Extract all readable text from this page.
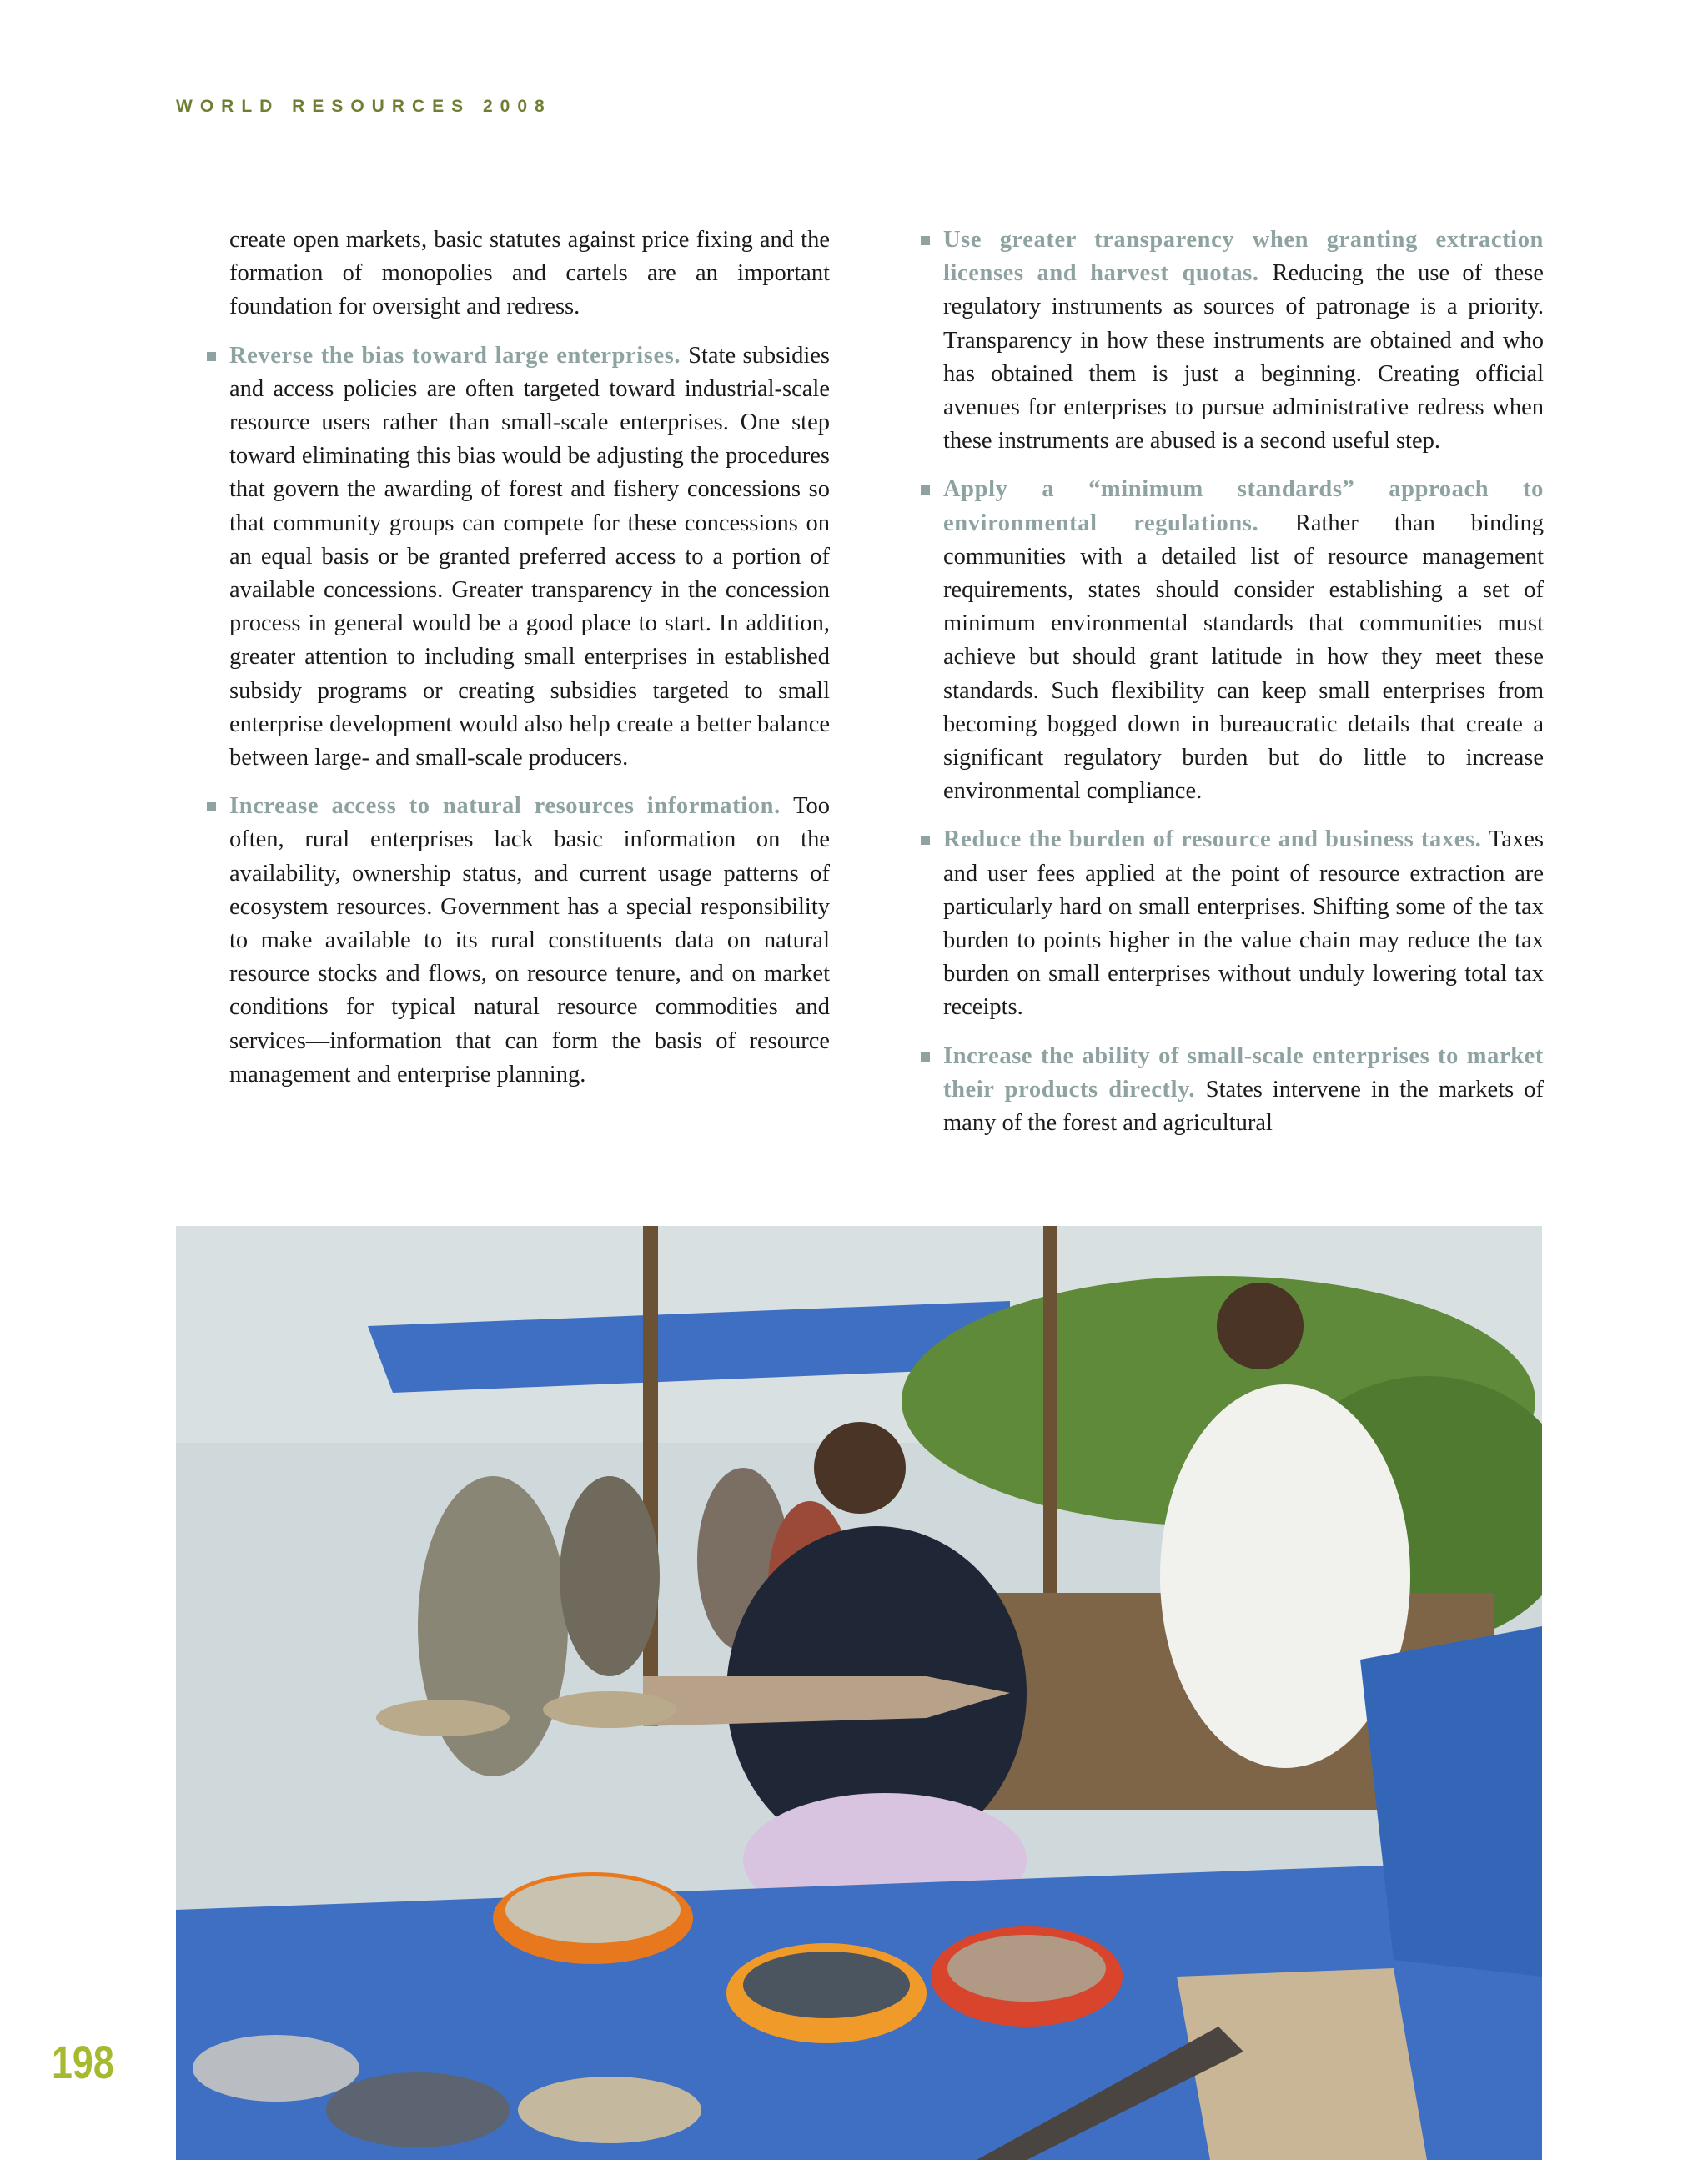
WORLD RESOURCES 2008

create open markets, basic statutes against price fixing and the formation of monopolies and cartels are an important foundation for oversight and redress.

Reverse the bias toward large enterprises. State subsidies and access policies are often targeted toward industrial-scale resource users rather than small-scale enterprises. One step toward eliminating this bias would be adjusting the procedures that govern the awarding of forest and fishery concessions so that community groups can compete for these concessions on an equal basis or be granted preferred access to a portion of available concessions. Greater transparency in the concession process in general would be a good place to start. In addition, greater attention to including small enterprises in established subsidy programs or creating subsidies targeted to small enterprise development would also help create a better balance between large- and small-scale producers.

Increase access to natural resources information. Too often, rural enterprises lack basic information on the availability, ownership status, and current usage patterns of ecosystem resources. Government has a special responsibility to make available to its rural constituents data on natural resource stocks and flows, on resource tenure, and on market conditions for typical natural resource commodities and services—information that can form the basis of resource management and enterprise planning.

Use greater transparency when granting extraction licenses and harvest quotas. Reducing the use of these regulatory instruments as sources of patronage is a priority. Transparency in how these instruments are obtained and who has obtained them is just a beginning. Creating official avenues for enterprises to pursue administrative redress when these instruments are abused is a second useful step.

Apply a “minimum standards” approach to environmental regulations. Rather than binding communities with a detailed list of resource management requirements, states should consider establishing a set of minimum environmental standards that communities must achieve but should grant latitude in how they meet these standards. Such flexibility can keep small enterprises from becoming bogged down in bureaucratic details that create a significant regulatory burden but do little to increase environmental compliance.

Reduce the burden of resource and business taxes. Taxes and user fees applied at the point of resource extraction are particularly hard on small enterprises. Shifting some of the tax burden to points higher in the value chain may reduce the tax burden on small enterprises without unduly lowering total tax receipts.

Increase the ability of small-scale enterprises to market their products directly. States intervene in the markets of many of the forest and agricultural

198
